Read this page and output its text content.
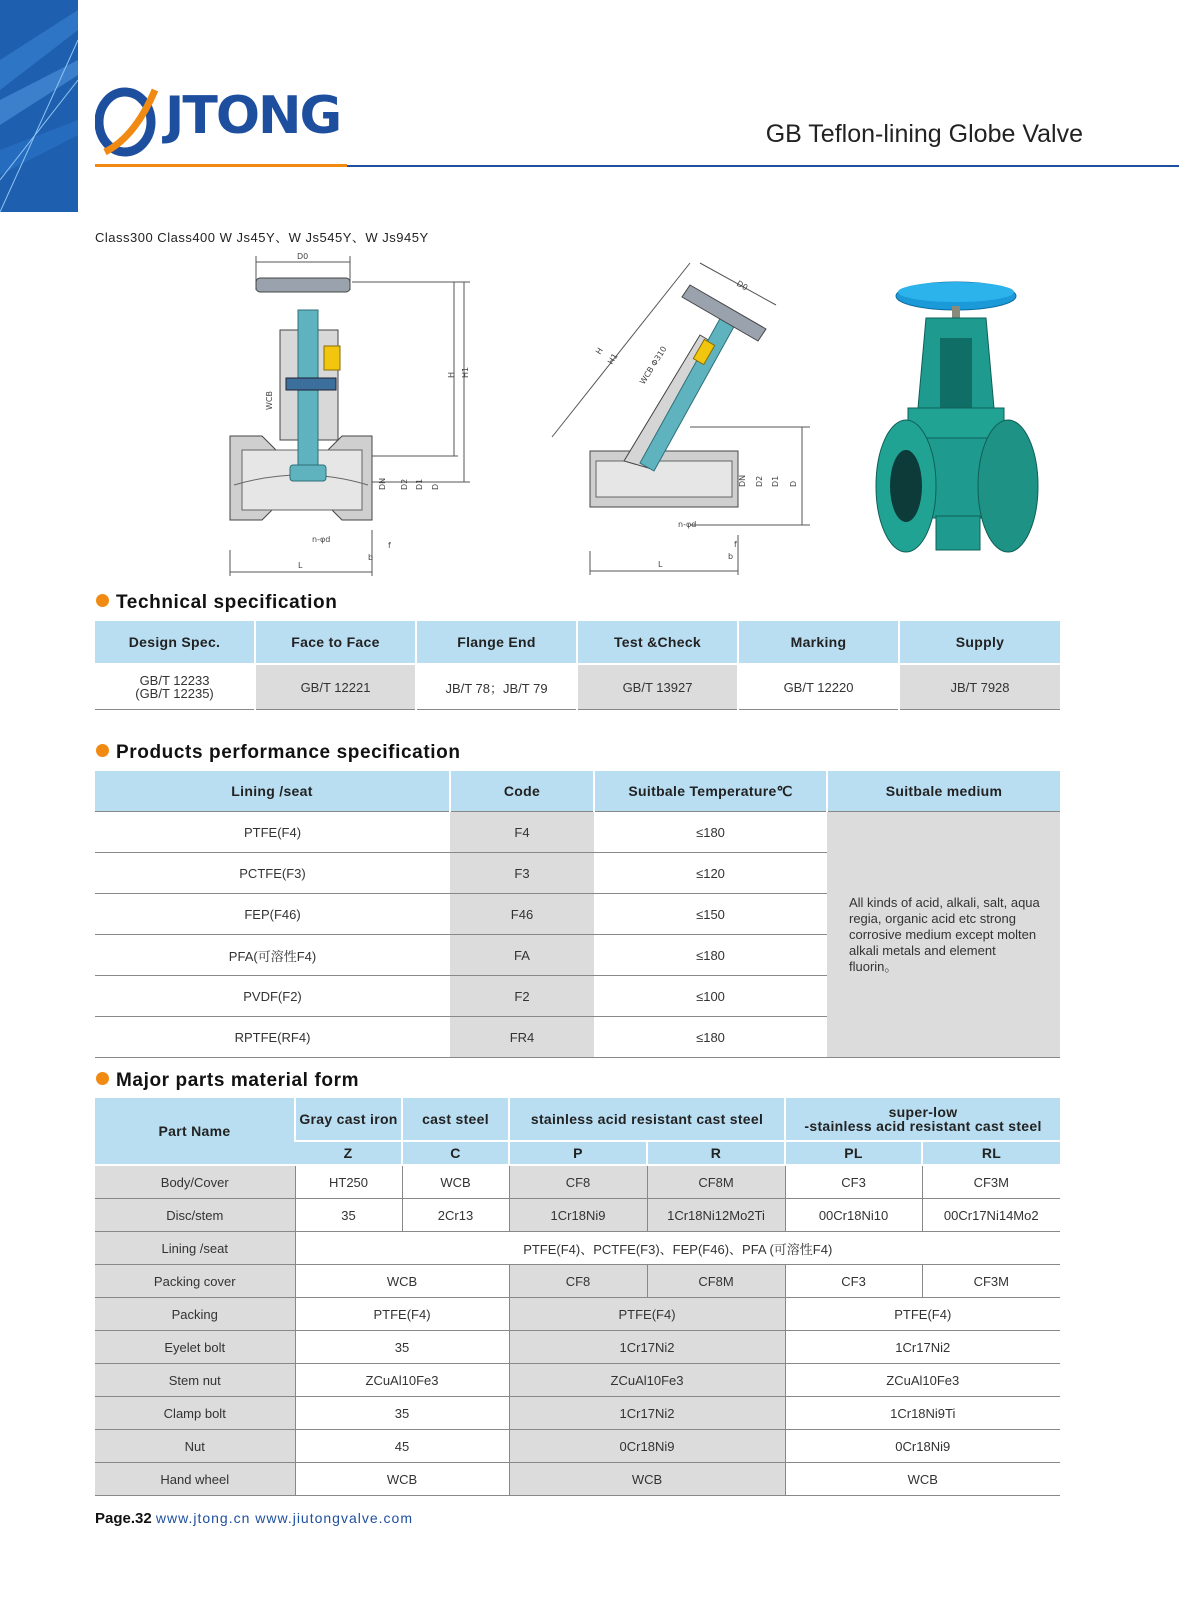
JTONG	GB Teflon-lining Globe Valve
Class300 Class400 W Js45Y、W Js545Y、W Js945Y
D0
H H1
DN D2 D1 D
n-φd
L
b
f
WCB
D0
H
H1 WCB Φ310
DN D2 D1 D
n-φd
L
b
f
Technical specification
Design Spec.	Face to Face	Flange End	Test &Check	Marking	Supply

GB/T 12233
(GB/T 12235)	GB/T 12221	JB/T 78；JB/T 79	GB/T 13927	GB/T 12220	JB/T 7928
Products performance specification
Lining /seat	Code	Suitbale Temperature℃	Suitbale medium
PTFE(F4)	F4	≤180	All kinds of acid, alkali, salt, aqua regia, organic acid etc strong corrosive medium except molten alkali metals and element fluorin。
PCTFE(F3)	F3	≤120	
FEP(F46)	F46	≤150	
PFA(可溶性F4)	FA	≤180	
PVDF(F2)	F2	≤100	
RPTFE(RF4)	FR4	≤180	
Major parts material form
Part Name	Gray cast iron	cast steel	stainless acid resistant cast steel		super-low
-stainless acid resistant cast steel	

	Z	C	P	R	PL	RL
Body/Cover	HT250	WCB	CF8	CF8M	CF3	CF3M
Disc/stem	35	2Cr13	1Cr18Ni9	1Cr18Ni12Mo2Ti	00Cr18Ni10	00Cr17Ni14Mo2
Lining /seat	PTFE(F4)、PCTFE(F3)、FEP(F46)、PFA (可溶性F4)					
Packing cover	WCB		CF8	CF8M	CF3	CF3M
Packing	PTFE(F4)		PTFE(F4)		PTFE(F4)	
Eyelet bolt	35		1Cr17Ni2		1Cr17Ni2	
Stem nut	ZCuAl10Fe3		ZCuAl10Fe3		ZCuAl10Fe3	
Clamp bolt	35		1Cr17Ni2		1Cr18Ni9Ti	
Nut	45		0Cr18Ni9		0Cr18Ni9	
Hand wheel	WCB		WCB		WCB	
Page.32 www.jtong.cn www.jiutongvalve.com
